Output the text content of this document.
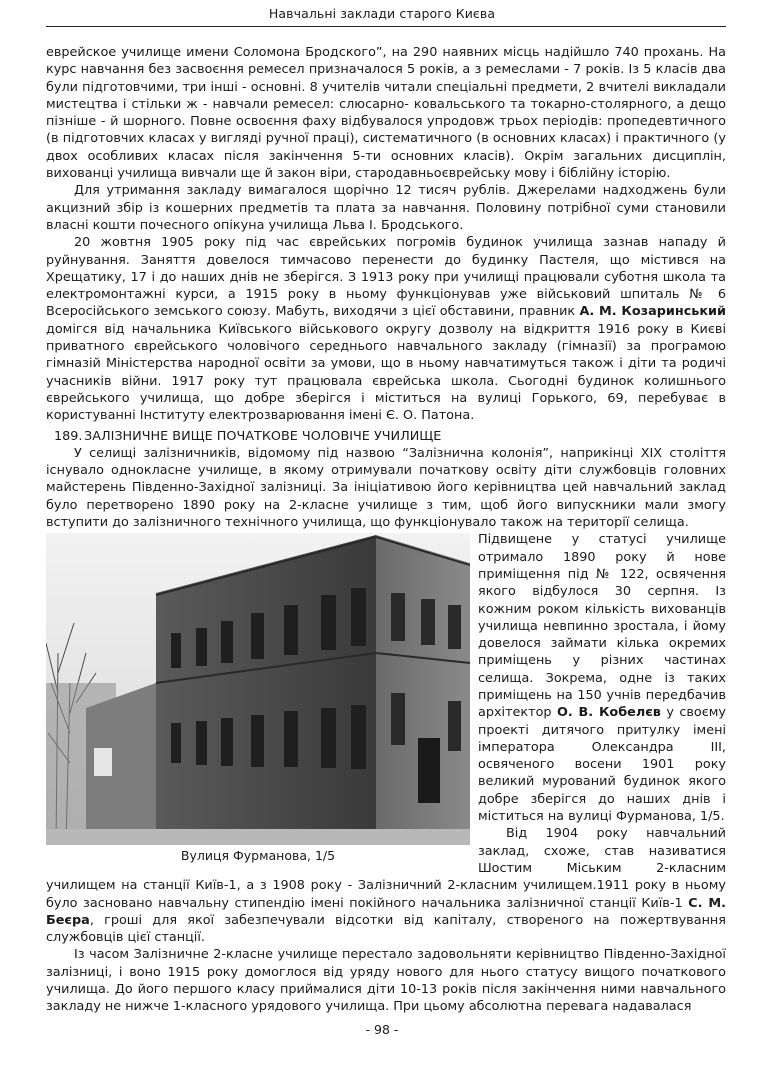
Навчальні заклади старого Києва

еврейское училище имени Соломона Бродского”, на 290 наявних місць надійшло 740 прохань. На курс навчання без засвоєння ремесел призначалося 5 років, а з ремеслами - 7 років. Із 5 класів два були підготовчими, три інші - основні. 8 учителів читали спеціальні предмети, 2 вчителі викладали мистецтва і стільки ж - навчали ремесел: слюсарно- ковальського та токарно-столярного, а дещо пізніше - й шорного. Повне освоєння фаху відбувалося упродовж трьох періодів: пропедевтичного (в підготовчих класах у вигляді ручної праці), систематичного (в основних класах) і практичного (у двох особливих класах після закінчення 5-ти основних класів). Окрім загальних дисциплін, вихованці училища вивчали ще й закон віри, стародавньоєврейську мову і біблійну історію.

Для утримання закладу вимагалося щорічно 12 тисяч рублів. Джерелами надходжень були акцизний збір із кошерних предметів та плата за навчання. Половину потрібної суми становили власні кошти почесного опікуна училища Льва І. Бродського.

20 жовтня 1905 року під час єврейських погромів будинок училища зазнав нападу й руйнування. Заняття довелося тимчасово перенести до будинку Пастеля, що містився на Хрещатику, 17 і до наших днів не зберігся. З 1913 року при училищі працювали суботня школа та електромонтажні курси, а 1915 року в ньому функціонував уже військовий шпиталь № 6 Всеросійського земського союзу. Мабуть, виходячи з цієї обставини, правник А. М. Козаринський домігся від начальника Київського військового округу дозволу на відкриття 1916 року в Києві приватного єврейського чоловічого середнього навчального закладу (гімназії) за програмою гімназій Міністерства народної освіти за умови, що в ньому навчатимуться також і діти та родичі учасників війни. 1917 року тут працювала єврейська школа. Сьогодні будинок колишнього єврейського училища, що добре зберігся і міститься на вулиці Горького, 69, перебуває в користуванні Інституту електрозварювання імені Є. О. Патона.

189. ЗАЛІЗНИЧНЕ ВИЩЕ ПОЧАТКОВЕ ЧОЛОВІЧЕ УЧИЛИЩЕ

У селищі залізничників, відомому під назвою “Залізнична колонія”, наприкінці XIX століття існувало однокласне училище, в якому отримували початкову освіту діти службовців головних майстерень Південно-Західної залізниці. За ініціативою його керівництва цей навчальний заклад було перетворено 1890 року на 2-класне училище з тим, щоб його випускники мали змогу вступити до залізничного технічного училища, що функціонувало також на території селища.

Вулиця Фурманова, 1/5

Підвищене у статусі училище отримало 1890 року й нове приміщення під № 122, освячення якого відбулося 30 серпня. Із кожним роком кількість вихованців училища невпинно зростала, і йому довелося займати кілька окремих приміщень у різних частинах селища. Зокрема, одне із таких приміщень на 150 учнів передбачив архітектор О. В. Кобелєв у своєму проекті дитячого притулку імені імператора Олександра III, освяченого восени 1901 року великий мурований будинок якого добре зберігся до наших днів і міститься на вулиці Фурманова, 1/5.

Від 1904 року навчальний заклад, схоже, став називатися Шостим Міським 2-класним училищем на станції Київ-1, а з 1908 року - Залізничний 2-класним училищем.1911 року в ньому було засновано навчальну стипендію імені покійного начальника залізничної станції Київ-1 С. М. Беєра, гроші для якої забезпечували відсотки від капіталу, створеного на пожертвування службовців цієї станції.

Із часом Залізничне 2-класне училище перестало задовольняти керівництво Південно-Західної залізниці, і воно 1915 року домоглося від уряду нового для нього статусу вищого початкового училища. До його першого класу приймалися діти 10-13 років після закінчення ними навчального закладу не нижче 1-класного урядового училища. При цьому абсолютна перевага надавалася

- 98 -
